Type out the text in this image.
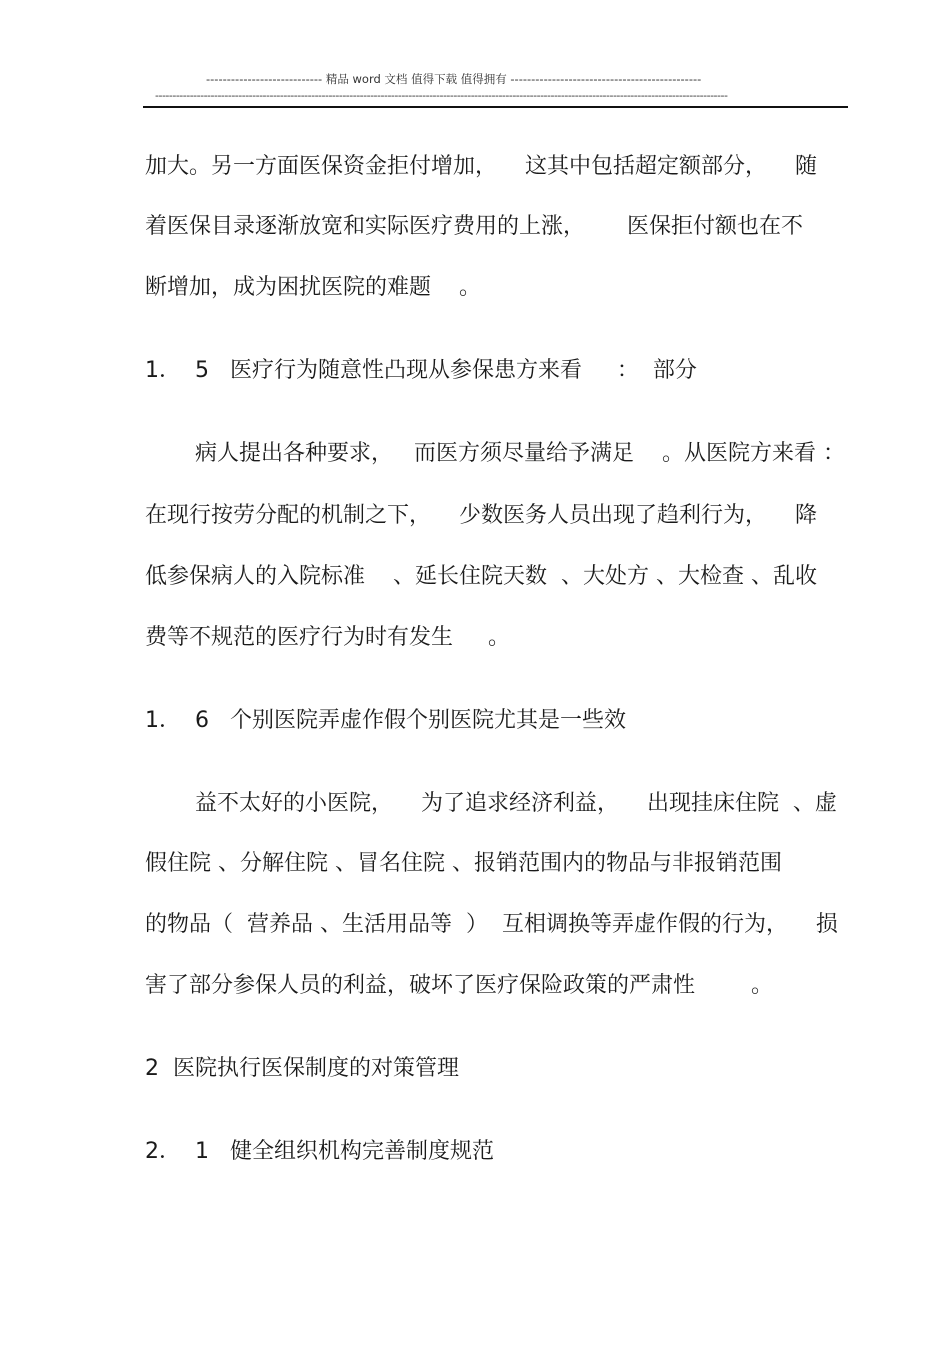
---------------------------- 精品 word 文档 值得下载 值得拥有 ----------------------------------------------
---------------------------------------------------------------------------------------------------------------------------------------------------------------------
加大。另一方面医保资金拒付增加，    这其中包括超定额部分，    随
着医保目录逐渐放宽和实际医疗费用的上涨，      医保拒付额也在不
断增加，成为困扰医院的难题    。
1．  5   医疗行为随意性凸现从参保患方来看     ：  部分
病人提出各种要求，   而医方须尽量给予满足    。从医院方来看 ：
在现行按劳分配的机制之下，    少数医务人员出现了趋利行为，    降
低参保病人的入院标准    、延长住院天数  、大处方 、大检查 、乱收
费等不规范的医疗行为时有发生     。
1．  6   个别医院弄虚作假个别医院尤其是一些效
益不太好的小医院，    为了追求经济利益，    出现挂床住院  、虚
假住院 、分解住院 、冒名住院 、报销范围内的物品与非报销范围
的物品（  营养品 、生活用品等  ）  互相调换等弄虚作假的行为，    损
害了部分参保人员的利益，破坏了医疗保险政策的严肃性        。
2  医院执行医保制度的对策管理
2．  1   健全组织机构完善制度规范
